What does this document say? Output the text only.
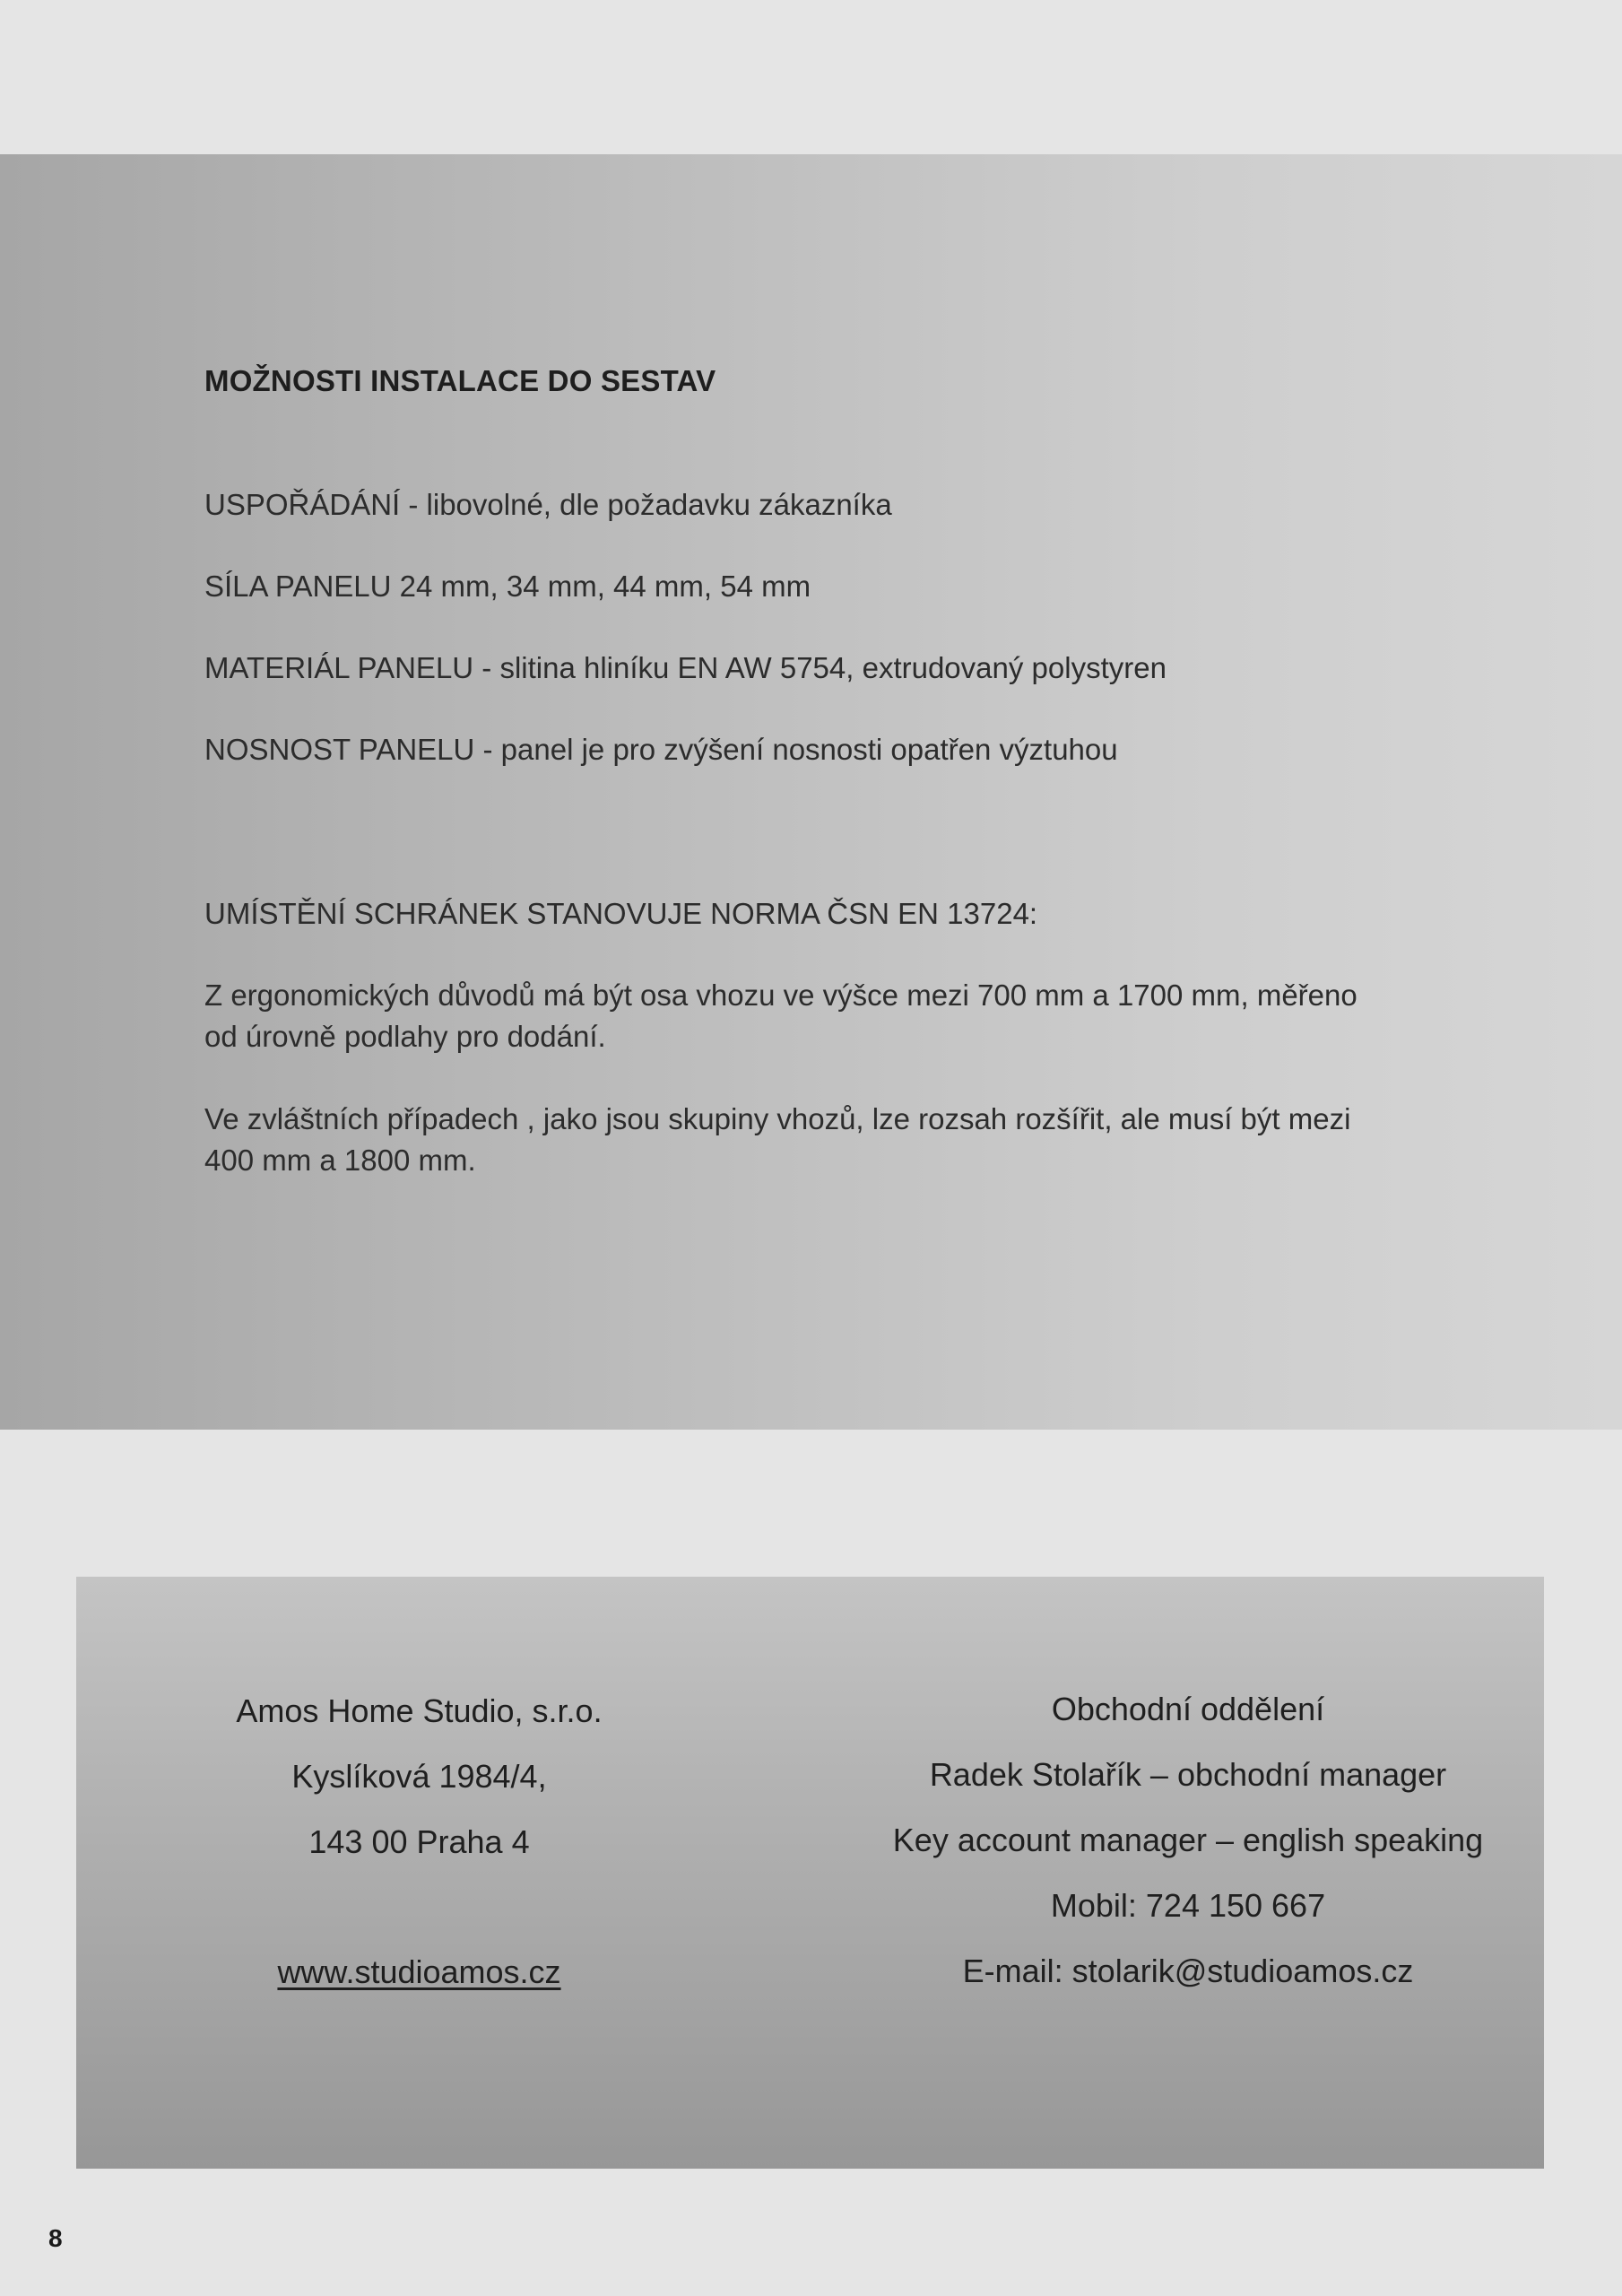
MOŽNOSTI INSTALACE DO SESTAV

USPOŘÁDÁNÍ - libovolné, dle požadavku zákazníka

SÍLA PANELU 24 mm, 34 mm, 44 mm, 54 mm

MATERIÁL PANELU - slitina hliníku EN AW 5754, extrudovaný polystyren

NOSNOST PANELU - panel je pro zvýšení nosnosti opatřen výztuhou

UMÍSTĚNÍ SCHRÁNEK STANOVUJE NORMA ČSN EN 13724:

Z ergonomických důvodů má být osa vhozu ve výšce mezi 700 mm a 1700 mm, měřeno

od úrovně podlahy pro dodání.

Ve zvláštních případech , jako jsou skupiny vhozů, lze rozsah rozšířit, ale musí být mezi

400 mm a 1800 mm.

Amos Home Studio, s.r.o.
Kyslíková 1984/4,
143 00 Praha 4
www.studioamos.cz
Obchodní oddělení
Radek Stolařík – obchodní manager
Key account manager – english speaking
Mobil: 724 150 667
E-mail: stolarik@studioamos.cz
8
